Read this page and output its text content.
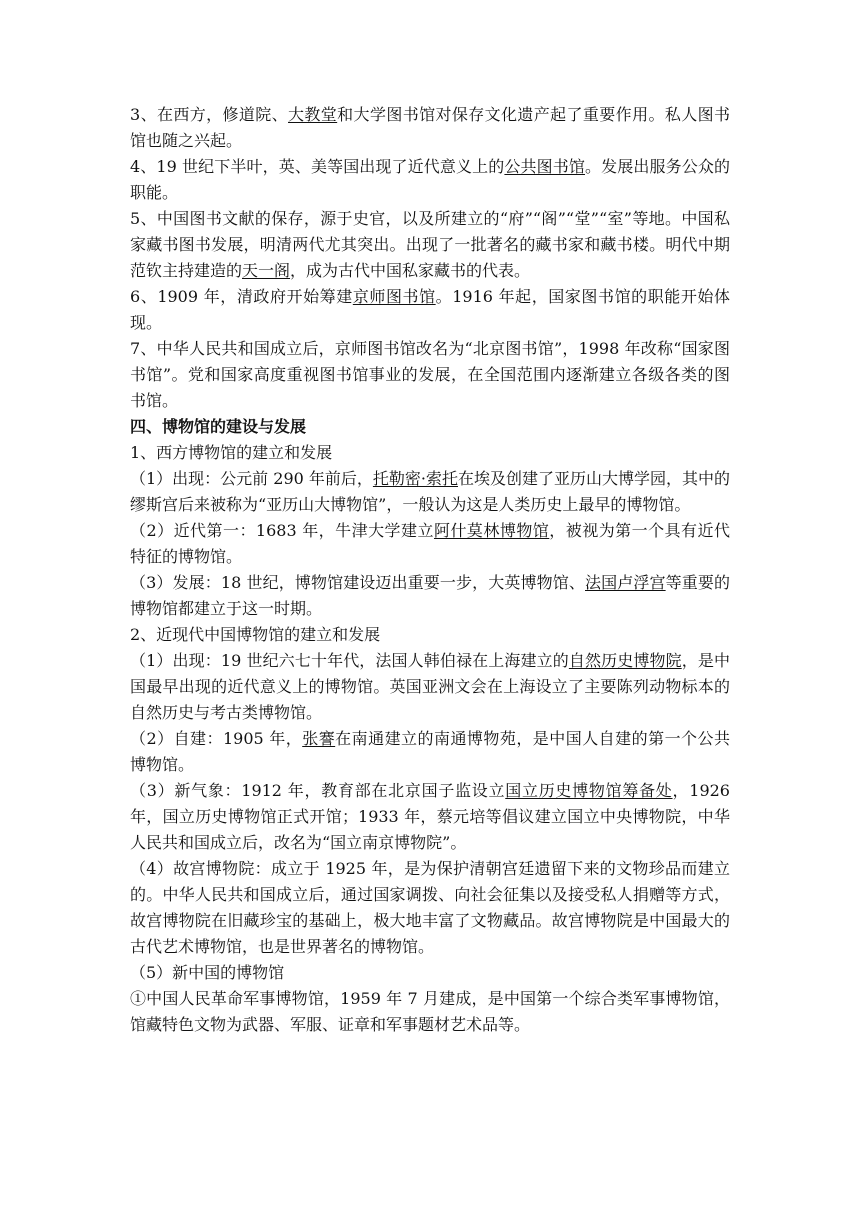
3、在西方，修道院、大教堂和大学图书馆对保存文化遗产起了重要作用。私人图书馆也随之兴起。

4、19 世纪下半叶，英、美等国出现了近代意义上的公共图书馆。发展出服务公众的职能。

5、中国图书文献的保存，源于史官，以及所建立的“府”“阁”“堂”“室”等地。中国私家藏书图书发展，明清两代尤其突出。出现了一批著名的藏书家和藏书楼。明代中期范钦主持建造的天一阁，成为古代中国私家藏书的代表。

6、1909 年，清政府开始筹建京师图书馆。1916 年起，国家图书馆的职能开始体现。

7、中华人民共和国成立后，京师图书馆改名为“北京图书馆”，1998 年改称“国家图书馆”。党和国家高度重视图书馆事业的发展，在全国范围内逐渐建立各级各类的图书馆。

四、博物馆的建设与发展

1、西方博物馆的建立和发展

（1）出现：公元前 290 年前后，托勒密·索托在埃及创建了亚历山大博学园，其中的缪斯宫后来被称为“亚历山大博物馆”，一般认为这是人类历史上最早的博物馆。

（2）近代第一：1683 年，牛津大学建立阿什莫林博物馆，被视为第一个具有近代特征的博物馆。

（3）发展：18 世纪，博物馆建设迈出重要一步，大英博物馆、法国卢浮宫等重要的博物馆都建立于这一时期。

2、近现代中国博物馆的建立和发展

（1）出现：19 世纪六七十年代，法国人韩伯禄在上海建立的自然历史博物院，是中国最早出现的近代意义上的博物馆。英国亚洲文会在上海设立了主要陈列动物标本的自然历史与考古类博物馆。

（2）自建：1905 年，张謇在南通建立的南通博物苑，是中国人自建的第一个公共博物馆。

（3）新气象：1912 年，教育部在北京国子监设立国立历史博物馆筹备处，1926 年，国立历史博物馆正式开馆；1933 年，蔡元培等倡议建立国立中央博物院，中华人民共和国成立后，改名为“国立南京博物院”。

（4）故宫博物院：成立于 1925 年，是为保护清朝宫廷遗留下来的文物珍品而建立的。中华人民共和国成立后，通过国家调拨、向社会征集以及接受私人捐赠等方式，故宫博物院在旧藏珍宝的基础上，极大地丰富了文物藏品。故宫博物院是中国最大的古代艺术博物馆，也是世界著名的博物馆。

（5）新中国的博物馆

①中国人民革命军事博物馆，1959 年 7 月建成，是中国第一个综合类军事博物馆，馆藏特色文物为武器、军服、证章和军事题材艺术品等。
